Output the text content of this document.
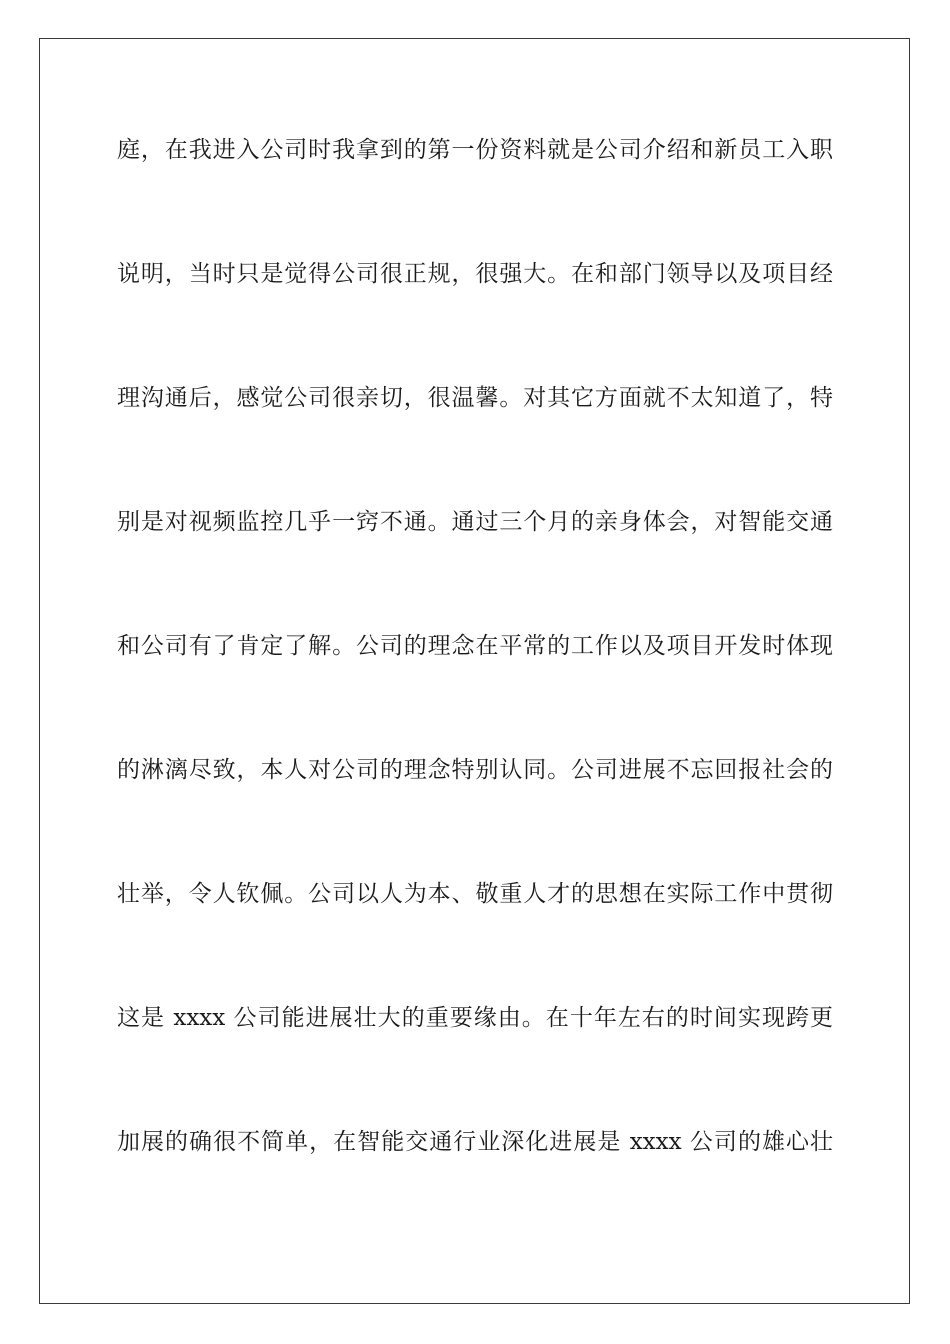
庭，在我进入公司时我拿到的第一份资料就是公司介绍和新员工入职
说明，当时只是觉得公司很正规，很强大。在和部门领导以及项目经
理沟通后，感觉公司很亲切，很温馨。对其它方面就不太知道了，特
别是对视频监控几乎一窍不通。通过三个月的亲身体会，对智能交通
和公司有了肯定了解。公司的理念在平常的工作以及项目开发时体现
的淋漓尽致，本人对公司的理念特别认同。公司进展不忘回报社会的
壮举，令人钦佩。公司以人为本、敬重人才的思想在实际工作中贯彻
这是 xxxx 公司能进展壮大的重要缘由。在十年左右的时间实现跨更
加展的确很不简单，在智能交通行业深化进展是 xxxx 公司的雄心壮
